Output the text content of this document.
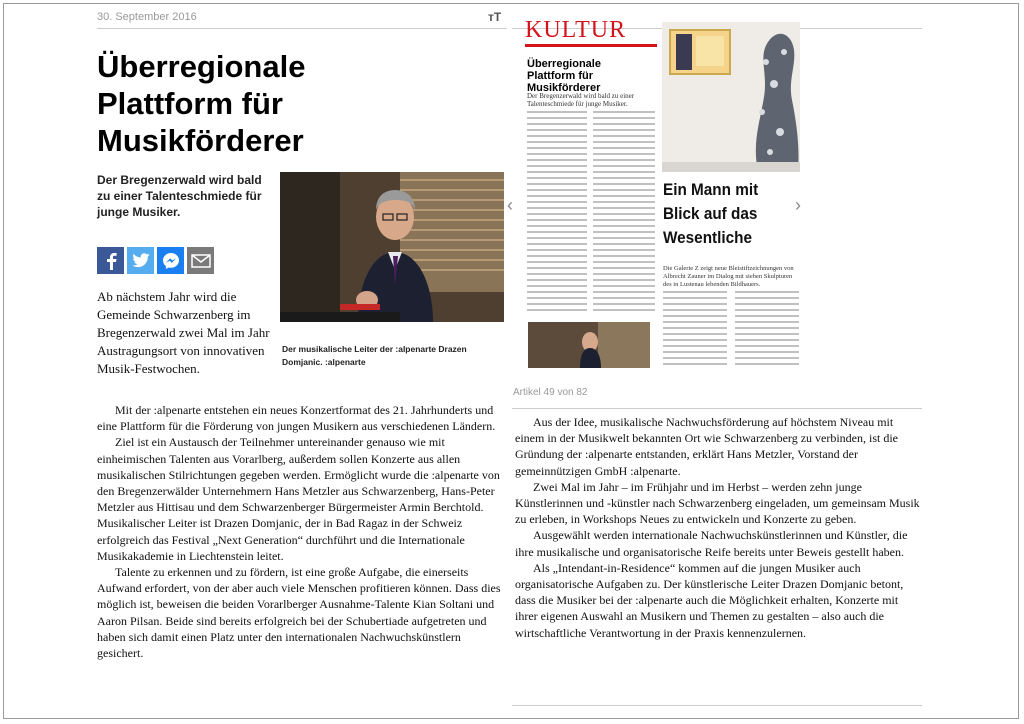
30. September 2016	тT
Überregionale Plattform für Musikförderer
Der Bregenzerwald wird bald zu einer Talenteschmiede für junge Musiker.
Ab nächstem Jahr wird die Gemeinde Schwarzenberg im Bregenzerwald zwei Mal im Jahr Austragungsort von innovativen Musik-Festwochen.
Der musikalische Leiter der :alpenarte Drazen Domjanic. :alpenarte

Mit der :alpenarte entstehen ein neues Konzertformat des 21. Jahrhunderts und eine Plattform für die Förderung von jungen Musikern aus verschiedenen Ländern.

Ziel ist ein Austausch der Teilnehmer untereinander genauso wie mit einheimischen Talenten aus Vorarlberg, außerdem sollen Konzerte aus allen musikalischen Stilrichtungen gegeben werden. Ermöglicht wurde die :alpenarte von den Bregenzerwälder Unternehmern Hans Metzler aus Schwarzenberg, Hans-Peter Metzler aus Hittisau und dem Schwarzenberger Bürgermeister Armin Berchtold. Musikalischer Leiter ist Drazen Domjanic, der in Bad Ragaz in der Schweiz erfolgreich das Festival „Next Generation“ durchführt und die Internationale Musikakademie in Liechtenstein leitet.

Talente zu erkennen und zu fördern, ist eine große Aufgabe, die einerseits Aufwand erfordert, von der aber auch viele Menschen profitieren können. Dass dies möglich ist, beweisen die beiden Vorarlberger Ausnahme-Talente Kian Soltani und Aaron Pilsan. Beide sind bereits erfolgreich bei der Schubertiade aufgetreten und haben sich damit einen Platz unter den internationalen Nachwuchskünstlern gesichert.

KULTUR
Überregionale Plattform für Musikförderer
Der Bregenzerwald wird bald zu einer Talenteschmiede für junge Musiker.
Ein Mann mit Blick auf das Wesentliche
Die Galerie Z zeigt neue Bleistiftzeichnungen von Albrecht Zauner im Dialog mit sieben Skulpturen des in Lustenau lebenden Bildhauers.
‹	›
Artikel 49 von 82

Aus der Idee, musikalische Nachwuchsförderung auf höchstem Niveau mit einem in der Musikwelt bekannten Ort wie Schwarzenberg zu verbinden, ist die Gründung der :alpenarte entstanden, erklärt Hans Metzler, Vorstand der gemeinnützigen GmbH :alpenarte.

Zwei Mal im Jahr – im Frühjahr und im Herbst – werden zehn junge Künstlerinnen und -künstler nach Schwarzenberg eingeladen, um gemeinsam Musik zu erleben, in Workshops Neues zu entwickeln und Konzerte zu geben.

Ausgewählt werden internationale Nachwuchskünstlerinnen und Künstler, die ihre musikalische und organisatorische Reife bereits unter Beweis gestellt haben.

Als „Intendant-in-Residence“ kommen auf die jungen Musiker auch organisatorische Aufgaben zu. Der künstlerische Leiter Drazen Domjanic betont, dass die Musiker bei der :alpenarte auch die Möglichkeit erhalten, Konzerte mit ihrer eigenen Auswahl an Musikern und Themen zu gestalten – also auch die wirtschaftliche Verantwortung in der Praxis kennenzulernen.
